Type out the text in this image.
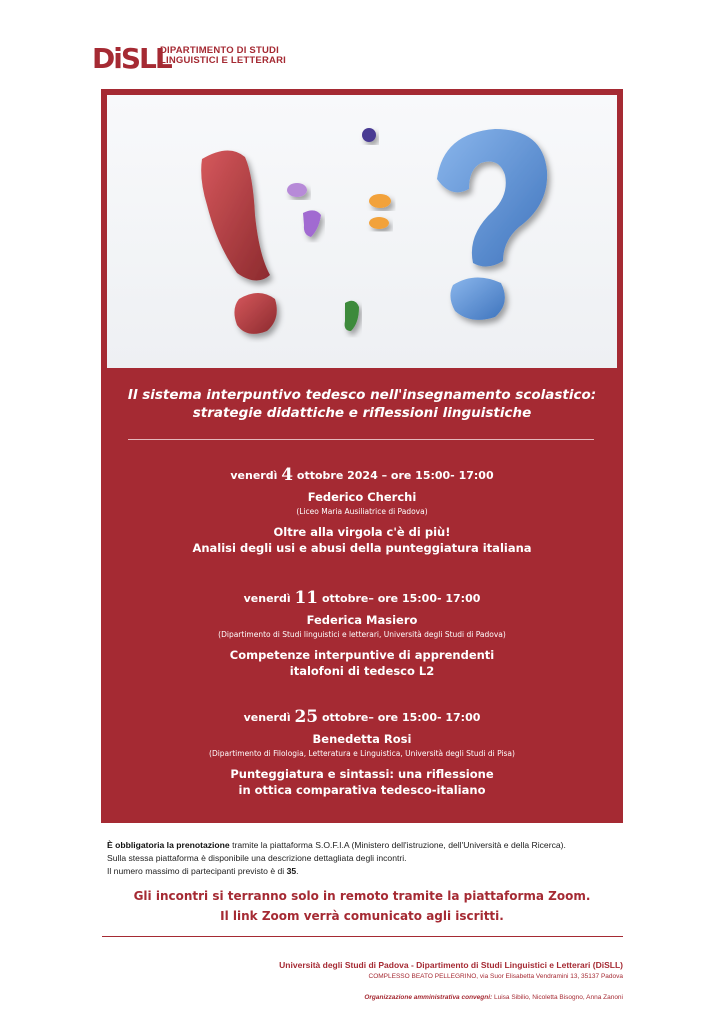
DiSLL
DIPARTIMENTO DI STUDI
LINGUISTICI E LETTERARI
Il sistema interpuntivo tedesco nell'insegnamento scolastico:
strategie didattiche e riflessioni linguistiche
venerdì 4 ottobre 2024 – ore 15:00- 17:00
Federico Cherchi
(Liceo Maria Ausiliatrice di Padova)
Oltre alla virgola c'è di più!
Analisi degli usi e abusi della punteggiatura italiana
venerdì 11 ottobre– ore 15:00- 17:00
Federica Masiero
(Dipartimento di Studi linguistici e letterari, Università degli Studi di Padova)
Competenze interpuntive di apprendenti
italofoni di tedesco L2
venerdì 25 ottobre– ore 15:00- 17:00
Benedetta Rosi
(Dipartimento di Filologia, Letteratura e Linguistica, Università degli Studi di Pisa)
Punteggiatura e sintassi: una riflessione
in ottica comparativa tedesco-italiano
È obbligatoria la prenotazione tramite la piattaforma S.O.F.I.A (Ministero dell'istruzione, dell'Università e della Ricerca).
Sulla stessa piattaforma è disponibile una descrizione dettagliata degli incontri.
Il numero massimo di partecipanti previsto è di 35.
Gli incontri si terranno solo in remoto tramite la piattaforma Zoom.
Il link Zoom verrà comunicato agli iscritti.
Università degli Studi di Padova - Dipartimento di Studi Linguistici e Letterari (DiSLL)
COMPLESSO BEATO PELLEGRINO, via Suor Elisabetta Vendramini 13, 35137 Padova
Organizzazione amministrativa convegni: Luisa Sibilio, Nicoletta Bisogno, Anna Zanoni
